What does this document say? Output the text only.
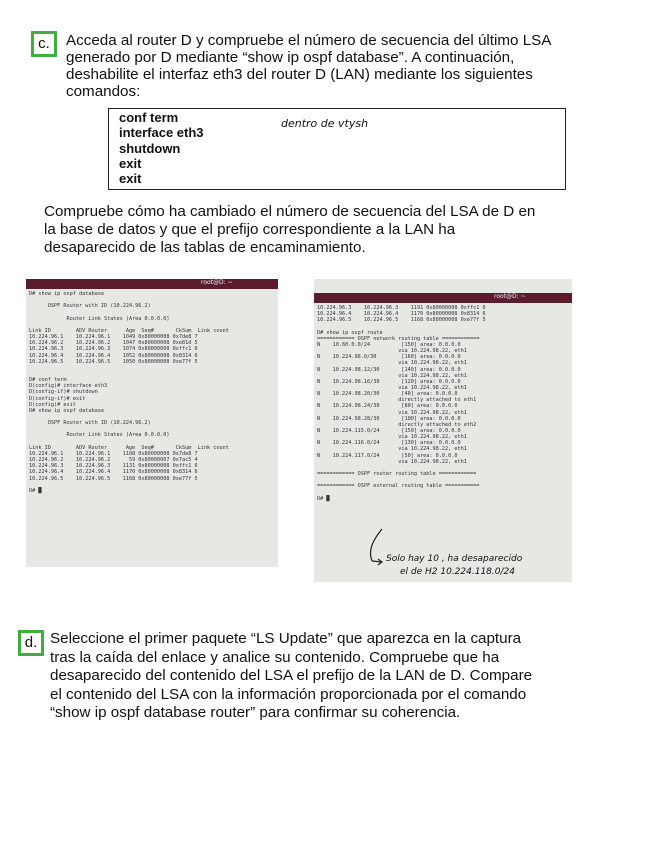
c.	Acceda al router D y compruebe el número de secuencia del último LSA
generado por D mediante “show ip ospf database”. A continuación,
deshabilite el interfaz eth3 del router D (LAN) mediante los siguientes
comandos:
conf term
interface eth3
shutdown
exit
exit
dentro de vtysh
Compruebe cómo ha cambiado el número de secuencia del LSA de D en
la base de datos y que el prefijo correspondiente a la LAN ha
desaparecido de las tablas de encaminamiento.

root@D: ~

D# show ip ospf database
OSPF Router with ID (10.224.96.2)
Router Link States (Area 0.0.0.0)
Link ID        ADV Router      Age  Seq#       CkSum  Link count
10.224.96.1    10.224.96.1    1049 0x80000008 0x7de8 7
10.224.96.2    10.224.96.2    1047 0x80000008 0xe81d 5
10.224.96.3    10.224.96.3    1074 0x80000008 0xffc1 6
10.224.96.4    10.224.96.4    1052 0x80000008 0x8314 6
10.224.96.5    10.224.96.5    1050 0x80000008 0xe77f 5
D# conf term
D(config)# interface eth3
D(config-if)# shutdown
D(config-if)# exit
D(config)# exit
D# show ip ospf database
OSPF Router with ID (10.224.96.2)
Router Link States (Area 0.0.0.0)
Link ID        ADV Router      Age  Seq#       CkSum  Link count
10.224.96.1    10.224.96.1    1108 0x80000008 0x7de8 7
10.224.96.2    10.224.96.2      59 0x80000007 0x7ac5 4
10.224.96.3    10.224.96.3    1131 0x80000008 0xffc1 6
10.224.96.4    10.224.96.4    1170 0x80000008 0x8314 6
10.224.96.5    10.224.96.5    1168 0x80000008 0xe77f 5
D# █

root@D: ~

10.224.96.3    10.224.96.3    1191 0x80000008 0xffc1 6
10.224.96.4    10.224.96.4    1170 0x80000008 0x8314 6
10.224.96.5    10.224.96.5    1168 0x80000008 0xe77f 5
D# show ip ospf route
============ OSPF network routing table ============
N    10.60.0.0/24          [150] area: 0.0.0.0
via 10.224.98.22, eth1
N    10.224.98.0/30        [160] area: 0.0.0.0
via 10.224.98.22, eth1
N    10.224.98.12/30       [140] area: 0.0.0.0
via 10.224.98.22, eth1
N    10.224.98.16/30       [120] area: 0.0.0.0
via 10.224.98.22, eth1
N    10.224.98.20/30       [40] area: 0.0.0.0
directly attached to eth1
N    10.224.98.24/30       [80] area: 0.0.0.0
via 10.224.98.22, eth1
N    10.224.98.28/30       [100] area: 0.0.0.0
directly attached to eth2
N    10.224.115.0/24       [150] area: 0.0.0.0
via 10.224.98.22, eth1
N    10.224.116.0/24       [130] area: 0.0.0.0
via 10.224.98.22, eth1
N    10.224.117.0/24       [50] area: 0.0.0.0
via 10.224.98.22, eth1
============ OSPF router routing table ============
============ OSPF external routing table ===========
D# █

Solo hay 10 , ha desaparecido

el de H2 10.224.118.0/24

d. Seleccione el primer paquete “LS Update” que aparezca en la captura
tras la caída del enlace y analice su contenido. Compruebe que ha
desaparecido del contenido del LSA el prefijo de la LAN de D. Compare
el contenido del LSA con la información proporcionada por el comando
“show ip ospf database router” para confirmar su coherencia.
